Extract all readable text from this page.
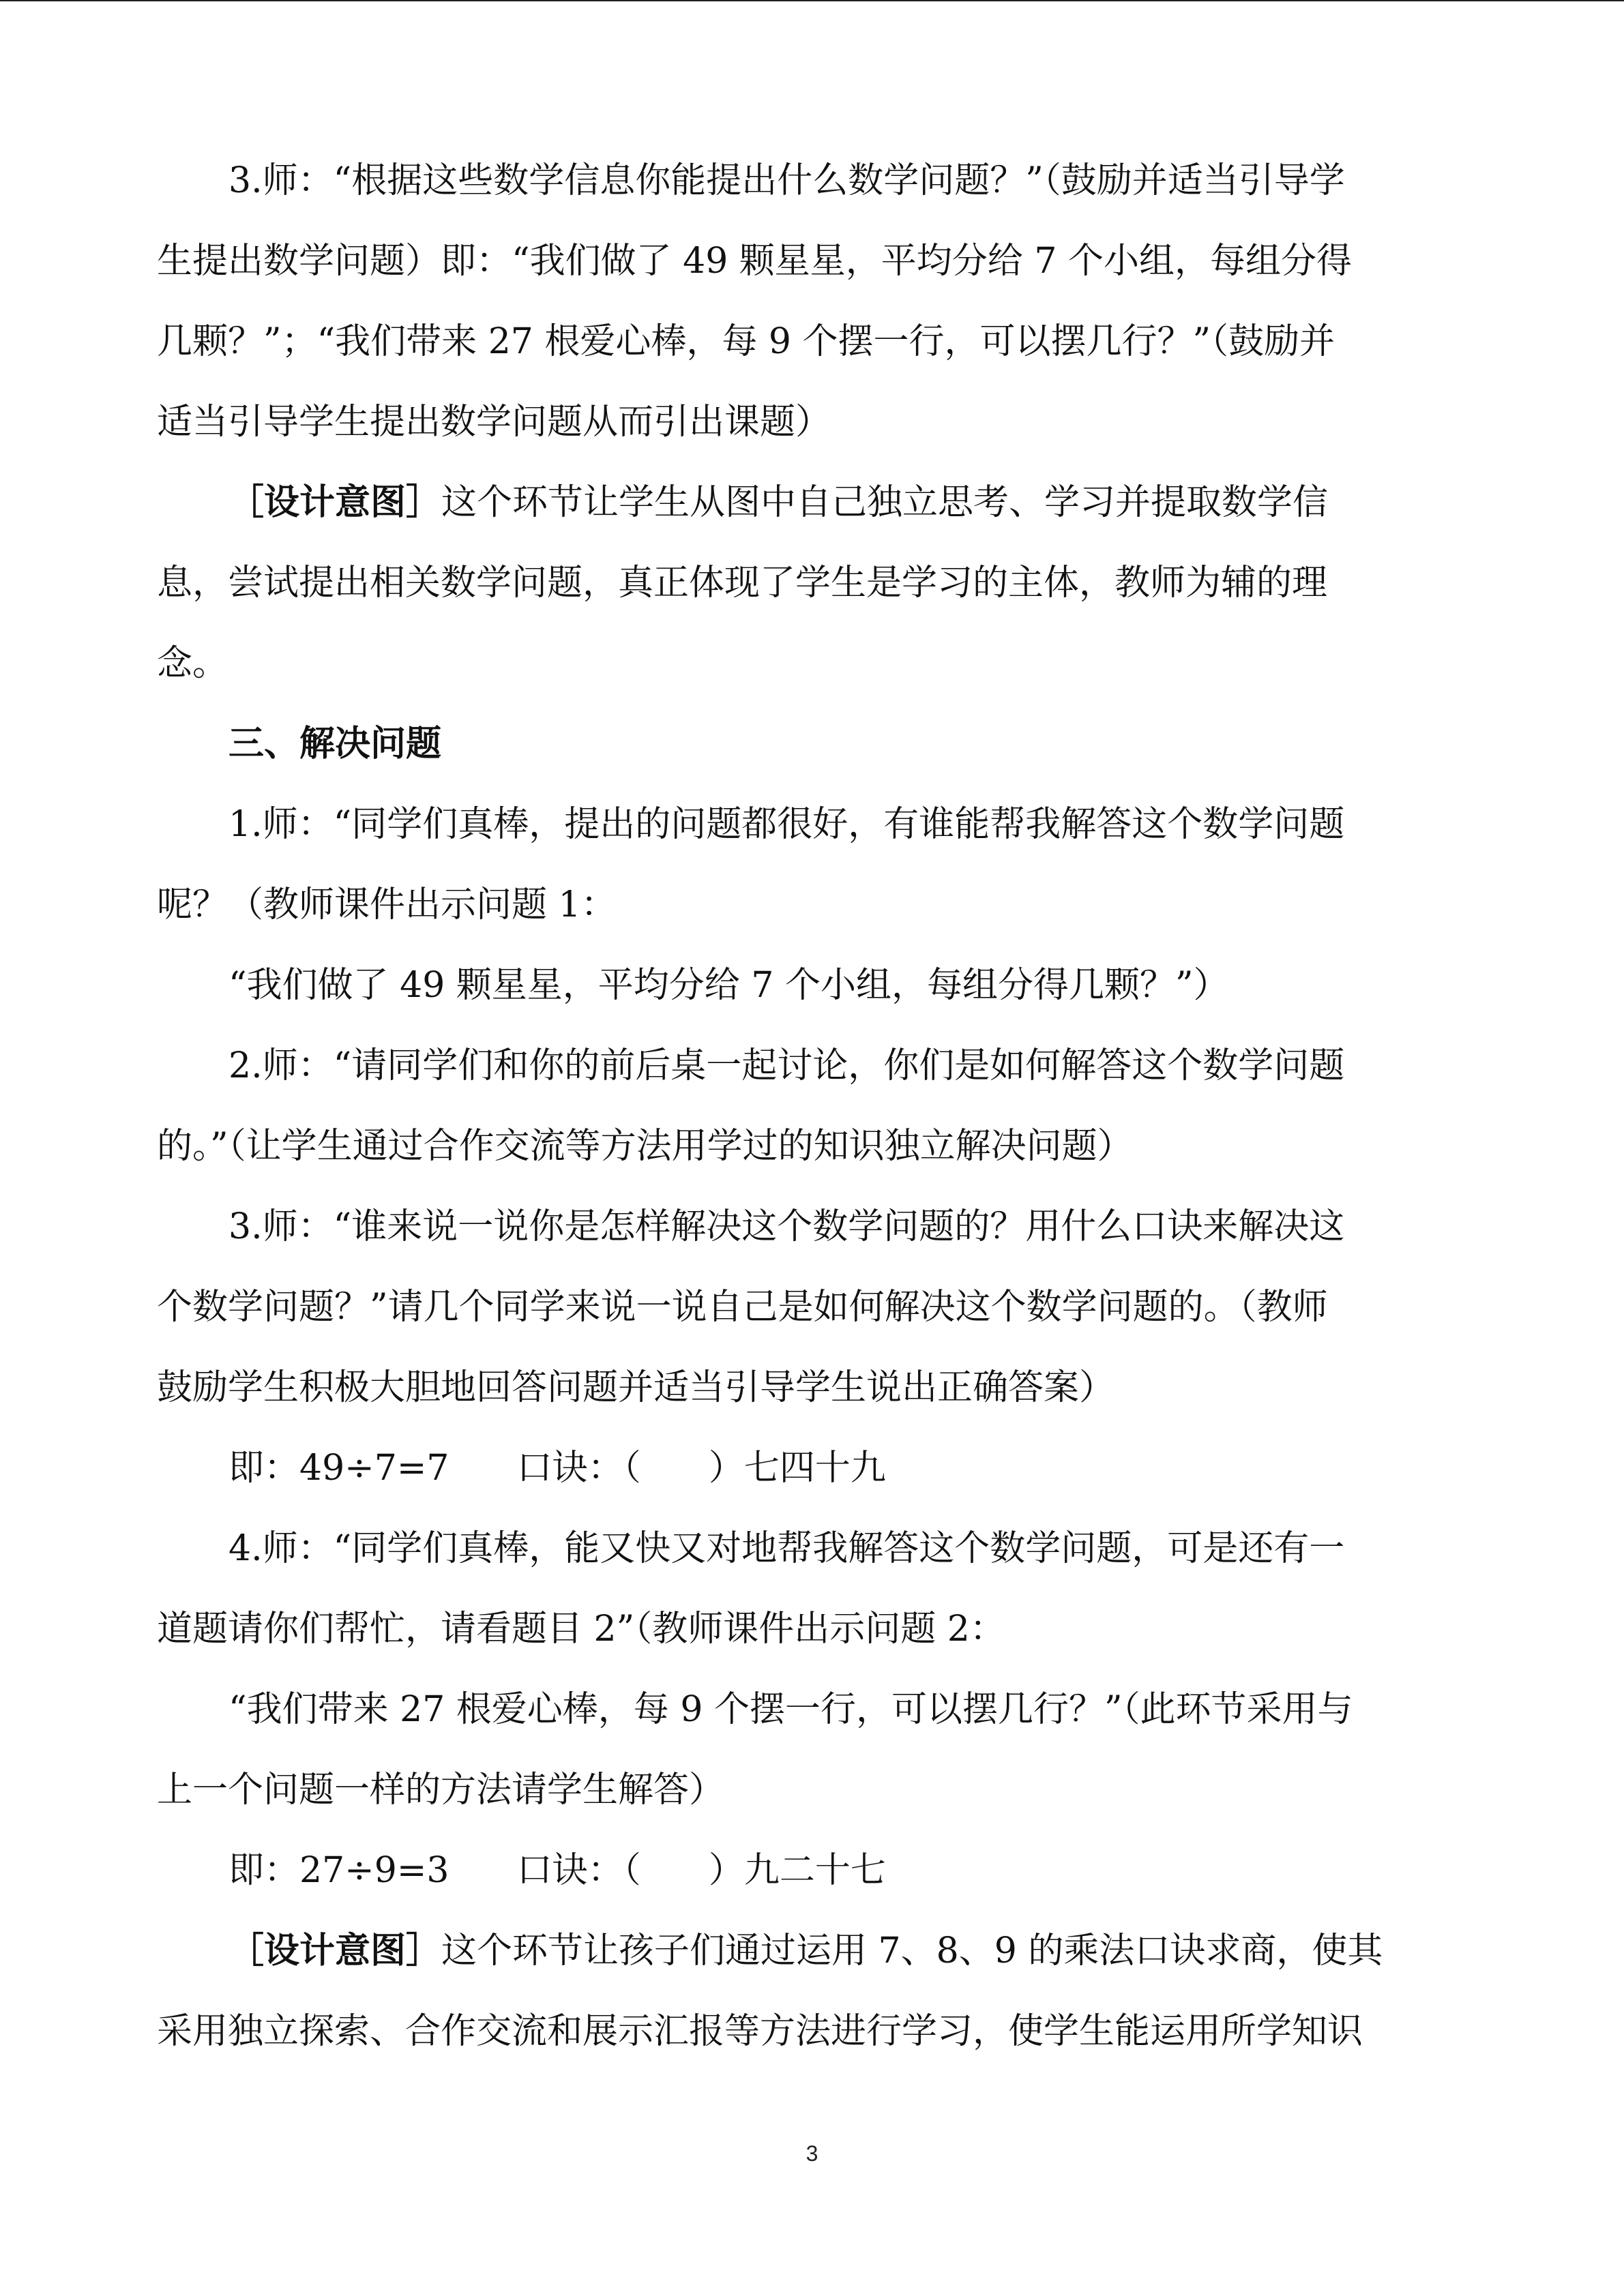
3.师：“根据这些数学信息你能提出什么数学问题？”（鼓励并适当引导学
生提出数学问题）即：“我们做了 49 颗星星，平均分给 7 个小组，每组分得
几颗？”；“我们带来 27 根爱心棒，每 9 个摆一行，可以摆几行？”（鼓励并
适当引导学生提出数学问题从而引出课题）
［设计意图］这个环节让学生从图中自己独立思考、学习并提取数学信
息，尝试提出相关数学问题，真正体现了学生是学习的主体，教师为辅的理
念。
三、解决问题
1.师：“同学们真棒，提出的问题都很好，有谁能帮我解答这个数学问题
呢？（教师课件出示问题 1：
“我们做了 49 颗星星，平均分给 7 个小组，每组分得几颗？”）
2.师：“请同学们和你的前后桌一起讨论，你们是如何解答这个数学问题
的。”（让学生通过合作交流等方法用学过的知识独立解决问题）
3.师：“谁来说一说你是怎样解决这个数学问题的？用什么口诀来解决这
个数学问题？”请几个同学来说一说自己是如何解决这个数学问题的。（教师
鼓励学生积极大胆地回答问题并适当引导学生说出正确答案）
即：49÷7=7      口诀：（      ）七四十九
4.师：“同学们真棒，能又快又对地帮我解答这个数学问题，可是还有一
道题请你们帮忙，请看题目 2”（教师课件出示问题 2：
“我们带来 27 根爱心棒，每 9 个摆一行，可以摆几行？”（此环节采用与
上一个问题一样的方法请学生解答）
即：27÷9=3      口诀：（      ）九二十七
［设计意图］这个环节让孩子们通过运用 7、8、9 的乘法口诀求商，使其
采用独立探索、合作交流和展示汇报等方法进行学习，使学生能运用所学知识
3
